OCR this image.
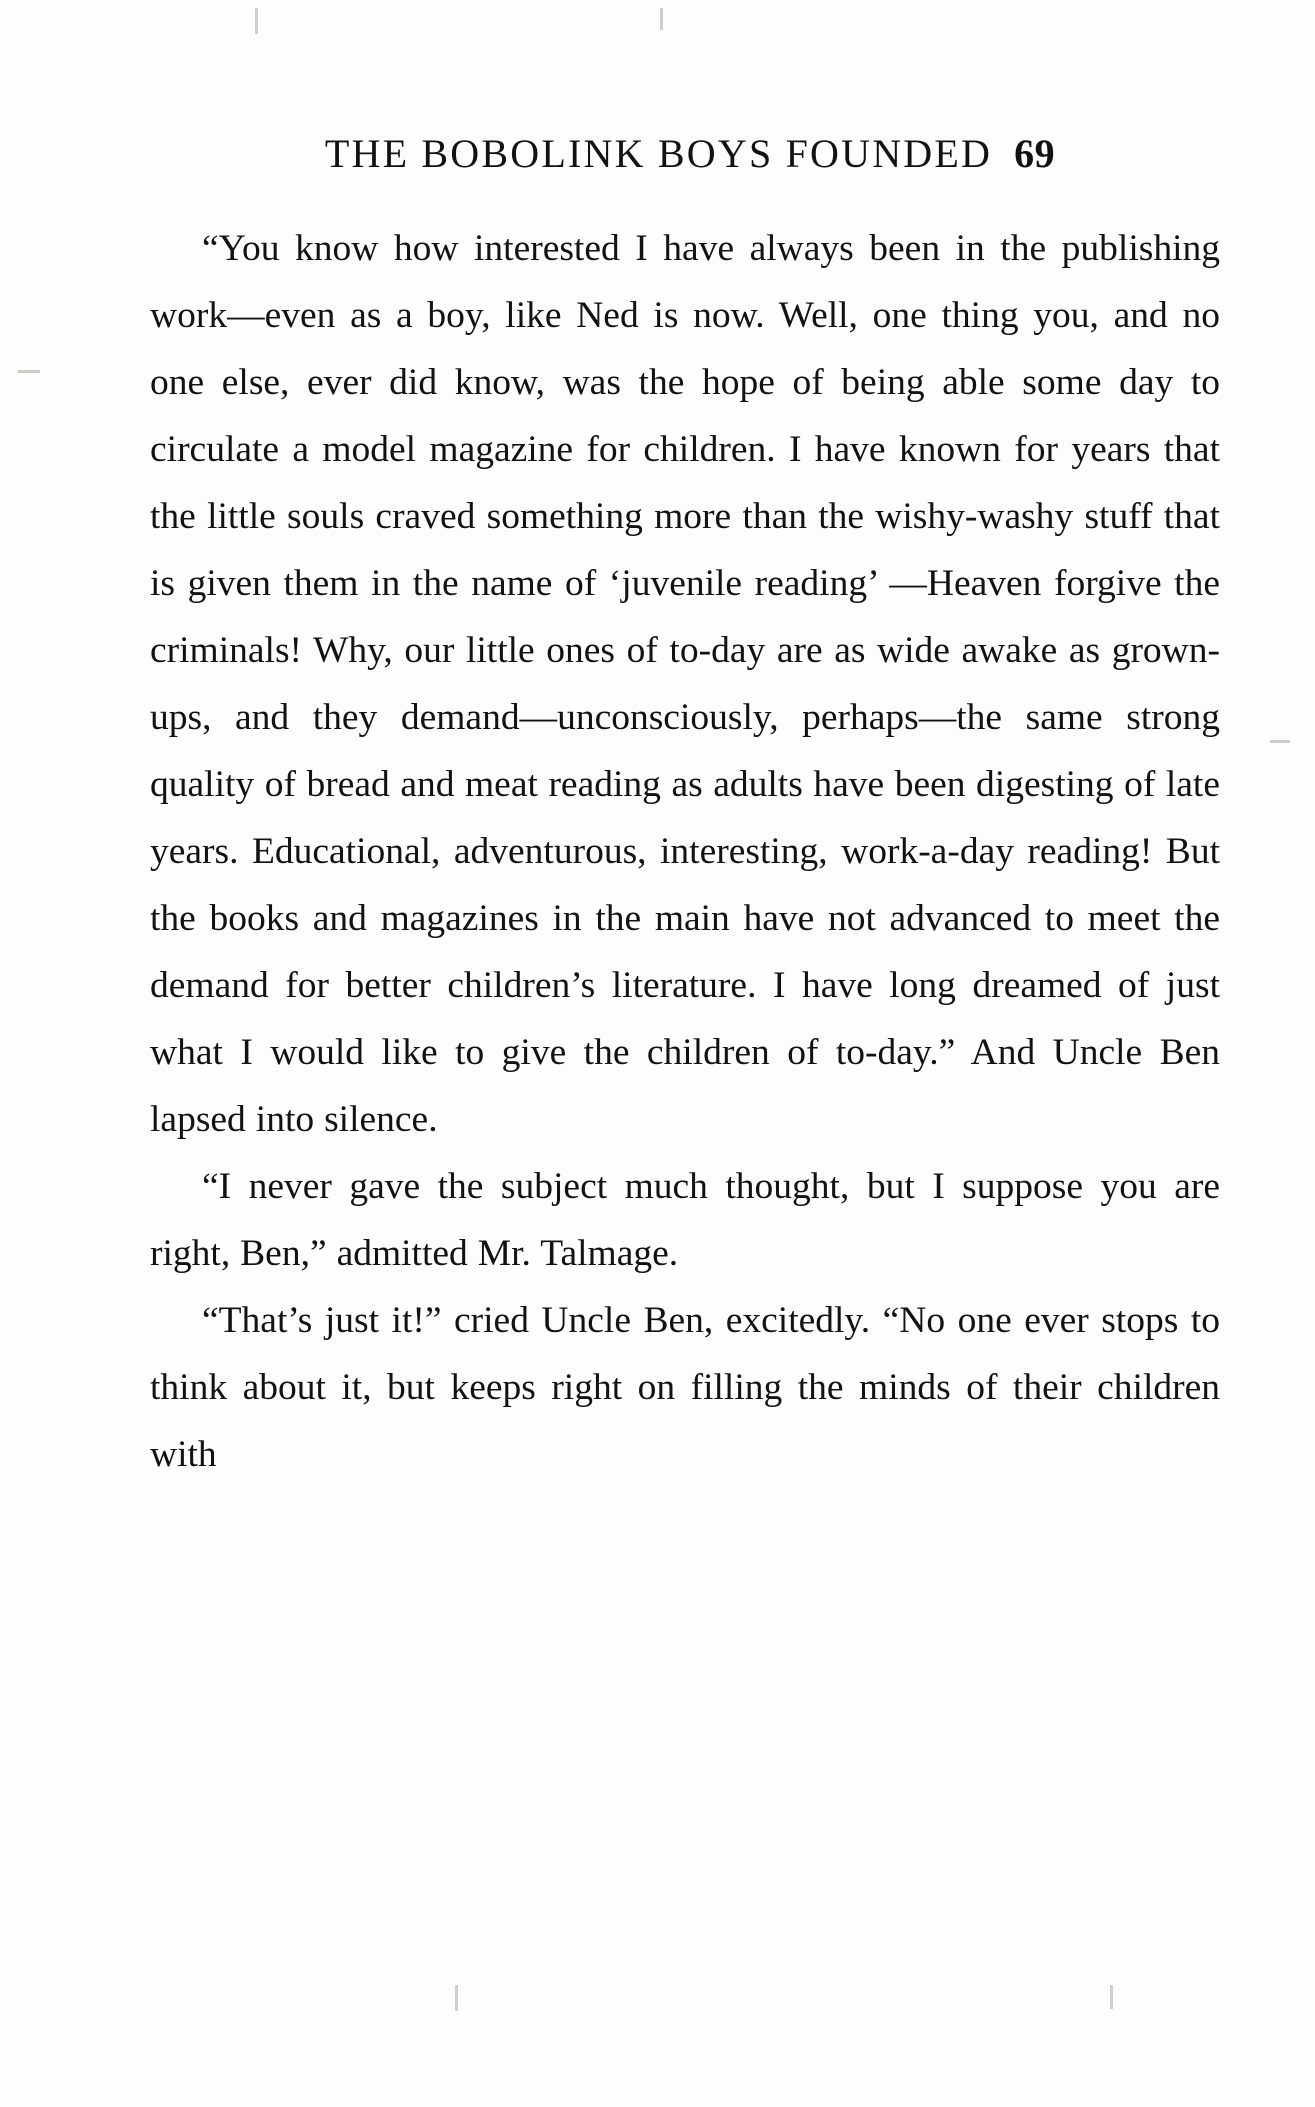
THE BOBOLINK BOYS FOUNDED 69

“You know how interested I have always been in the publishing work—even as a boy, like Ned is now. Well, one thing you, and no one else, ever did know, was the hope of being able some day to circulate a model magazine for children. I have known for years that the little souls craved something more than the wishy-washy stuff that is given them in the name of ‘juvenile reading’ —Heaven forgive the criminals! Why, our little ones of to-day are as wide awake as grown-ups, and they demand—unconsciously, perhaps—the same strong quality of bread and meat reading as adults have been digesting of late years. Educational, adventurous, interesting, work-a-day reading! But the books and magazines in the main have not advanced to meet the demand for better children’s literature. I have long dreamed of just what I would like to give the children of to-day.” And Uncle Ben lapsed into silence.

“I never gave the subject much thought, but I suppose you are right, Ben,” admitted Mr. Talmage.

“That’s just it!” cried Uncle Ben, excitedly. “No one ever stops to think about it, but keeps right on filling the minds of their children with
